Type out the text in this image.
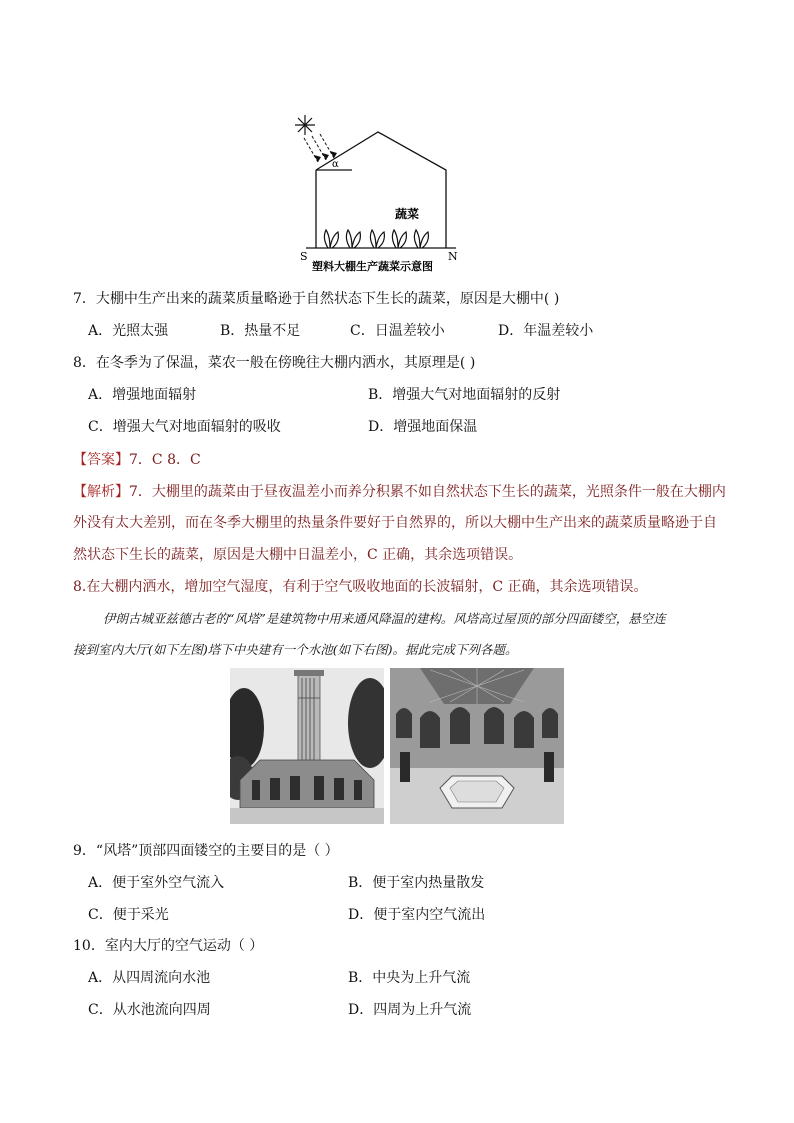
α
蔬菜
S	N
塑料大棚生产蔬菜示意图
7．大棚中生产出来的蔬菜质量略逊于自然状态下生长的蔬菜，原因是大棚中( )
A．光照太强	B．热量不足	C．日温差较小	D．年温差较小
8．在冬季为了保温，菜农一般在傍晚往大棚内洒水，其原理是( )
A．增强地面辐射	B．增强大气对地面辐射的反射
C．增强大气对地面辐射的吸收	D．增强地面保温
【答案】7．C 8．C
【解析】7．大棚里的蔬菜由于昼夜温差小而养分积累不如自然状态下生长的蔬菜，光照条件一般在大棚内
外没有太大差别，而在冬季大棚里的热量条件要好于自然界的，所以大棚中生产出来的蔬菜质量略逊于自
然状态下生长的蔬菜，原因是大棚中日温差小，C 正确，其余选项错误。
8.在大棚内洒水，增加空气湿度，有利于空气吸收地面的长波辐射，C 正确，其余选项错误。
伊朗古城亚兹德古老的“风塔”是建筑物中用来通风降温的建构。风塔高过屋顶的部分四面镂空，悬空连
接到室内大厅(如下左图)塔下中央建有一个水池(如下右图)。据此完成下列各题。
9．“风塔”顶部四面镂空的主要目的是（ ）
A．便于室外空气流入	B．便于室内热量散发
C．便于采光	D．便于室内空气流出
10．室内大厅的空气运动（ ）
A．从四周流向水池	B．中央为上升气流
C．从水池流向四周	D．四周为上升气流
